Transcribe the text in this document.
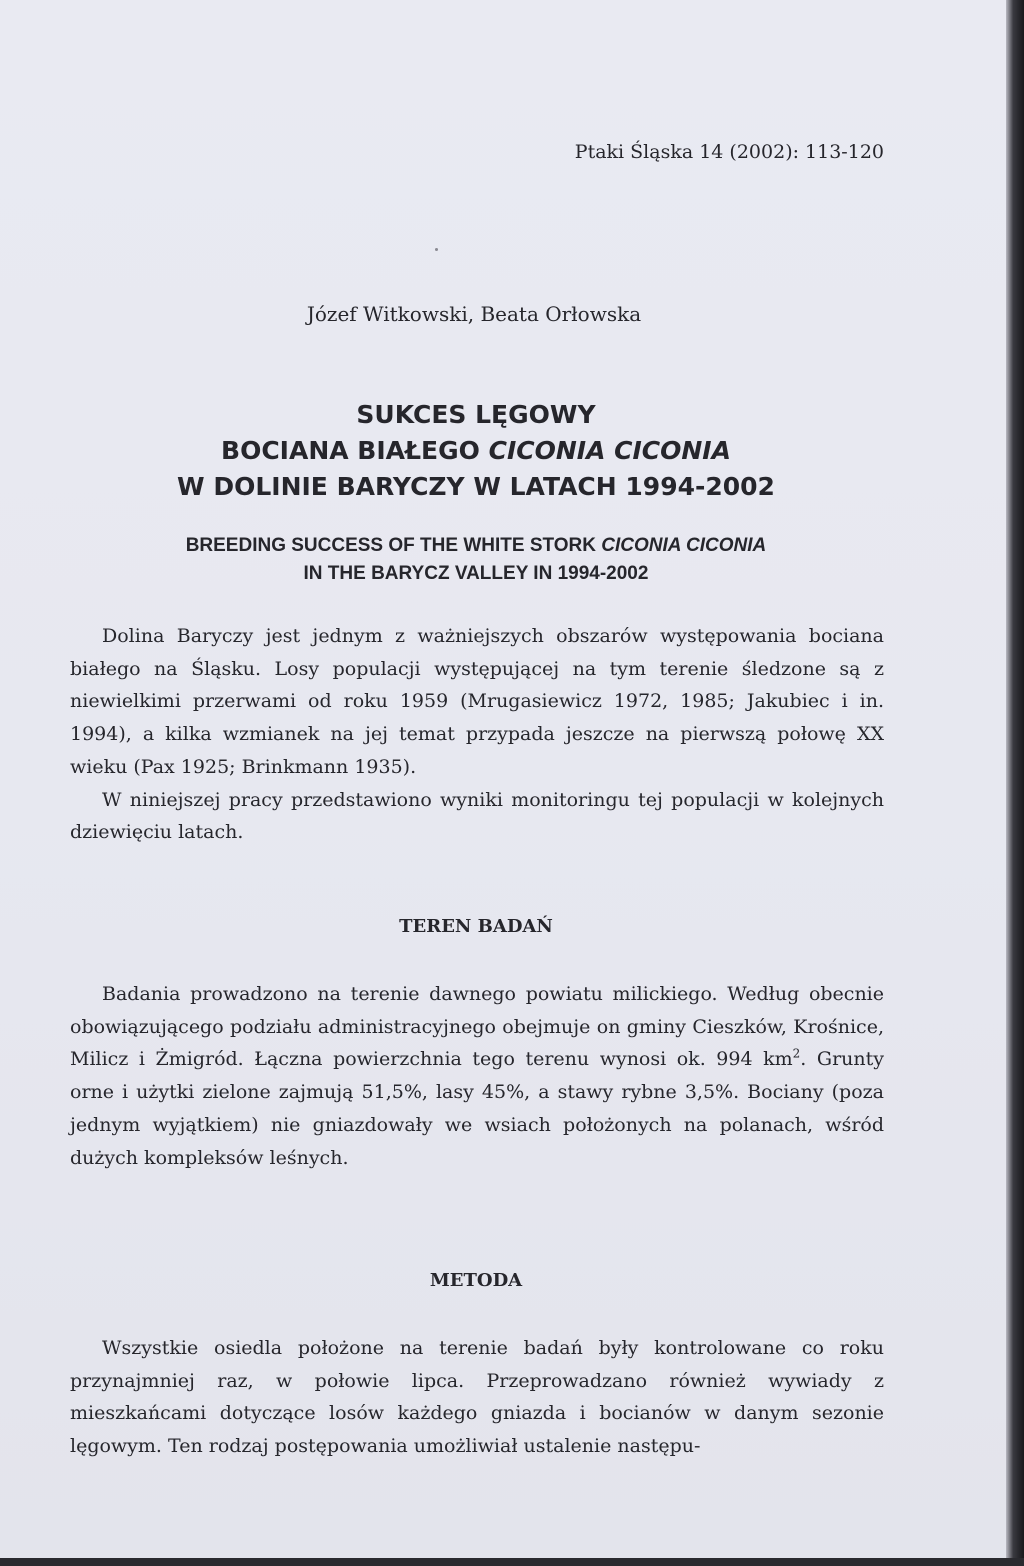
Ptaki Śląska 14 (2002): 113-120
Józef Witkowski, Beata Orłowska
SUKCES LĘGOWY
BOCIANA BIAŁEGO CICONIA CICONIA
W DOLINIE BARYCZY W LATACH 1994-2002
BREEDING SUCCESS OF THE WHITE STORK CICONIA CICONIA
IN THE BARYCZ VALLEY IN 1994-2002

Dolina Baryczy jest jednym z ważniejszych obszarów występowania bociana białego na Śląsku. Losy populacji występującej na tym terenie śledzone są z niewielkimi przerwami od roku 1959 (Mrugasiewicz 1972, 1985; Jakubiec i in. 1994), a kilka wzmianek na jej temat przypada jeszcze na pierwszą połowę XX wieku (Pax 1925; Brinkmann 1935).

W niniejszej pracy przedstawiono wyniki monitoringu tej populacji w kolejnych dziewięciu latach.

TEREN BADAŃ

Badania prowadzono na terenie dawnego powiatu milickiego. Według obecnie obowiązującego podziału administracyjnego obejmuje on gminy Cieszków, Krośnice, Milicz i Żmigród. Łączna powierzchnia tego terenu wynosi ok. 994 $km^2$. Grunty orne i użytki zielone zajmują 51,5%, lasy 45%, a stawy rybne 3,5%. Bociany (poza jednym wyjątkiem) nie gniazdowały we wsiach położonych na polanach, wśród dużych kompleksów leśnych.

METODA

Wszystkie osiedla położone na terenie badań były kontrolowane co roku przynajmniej raz, w połowie lipca. Przeprowadzano również wywiady z mieszkańcami dotyczące losów każdego gniazda i bocianów w danym sezonie lęgowym. Ten rodzaj postępowania umożliwiał ustalenie następu-
